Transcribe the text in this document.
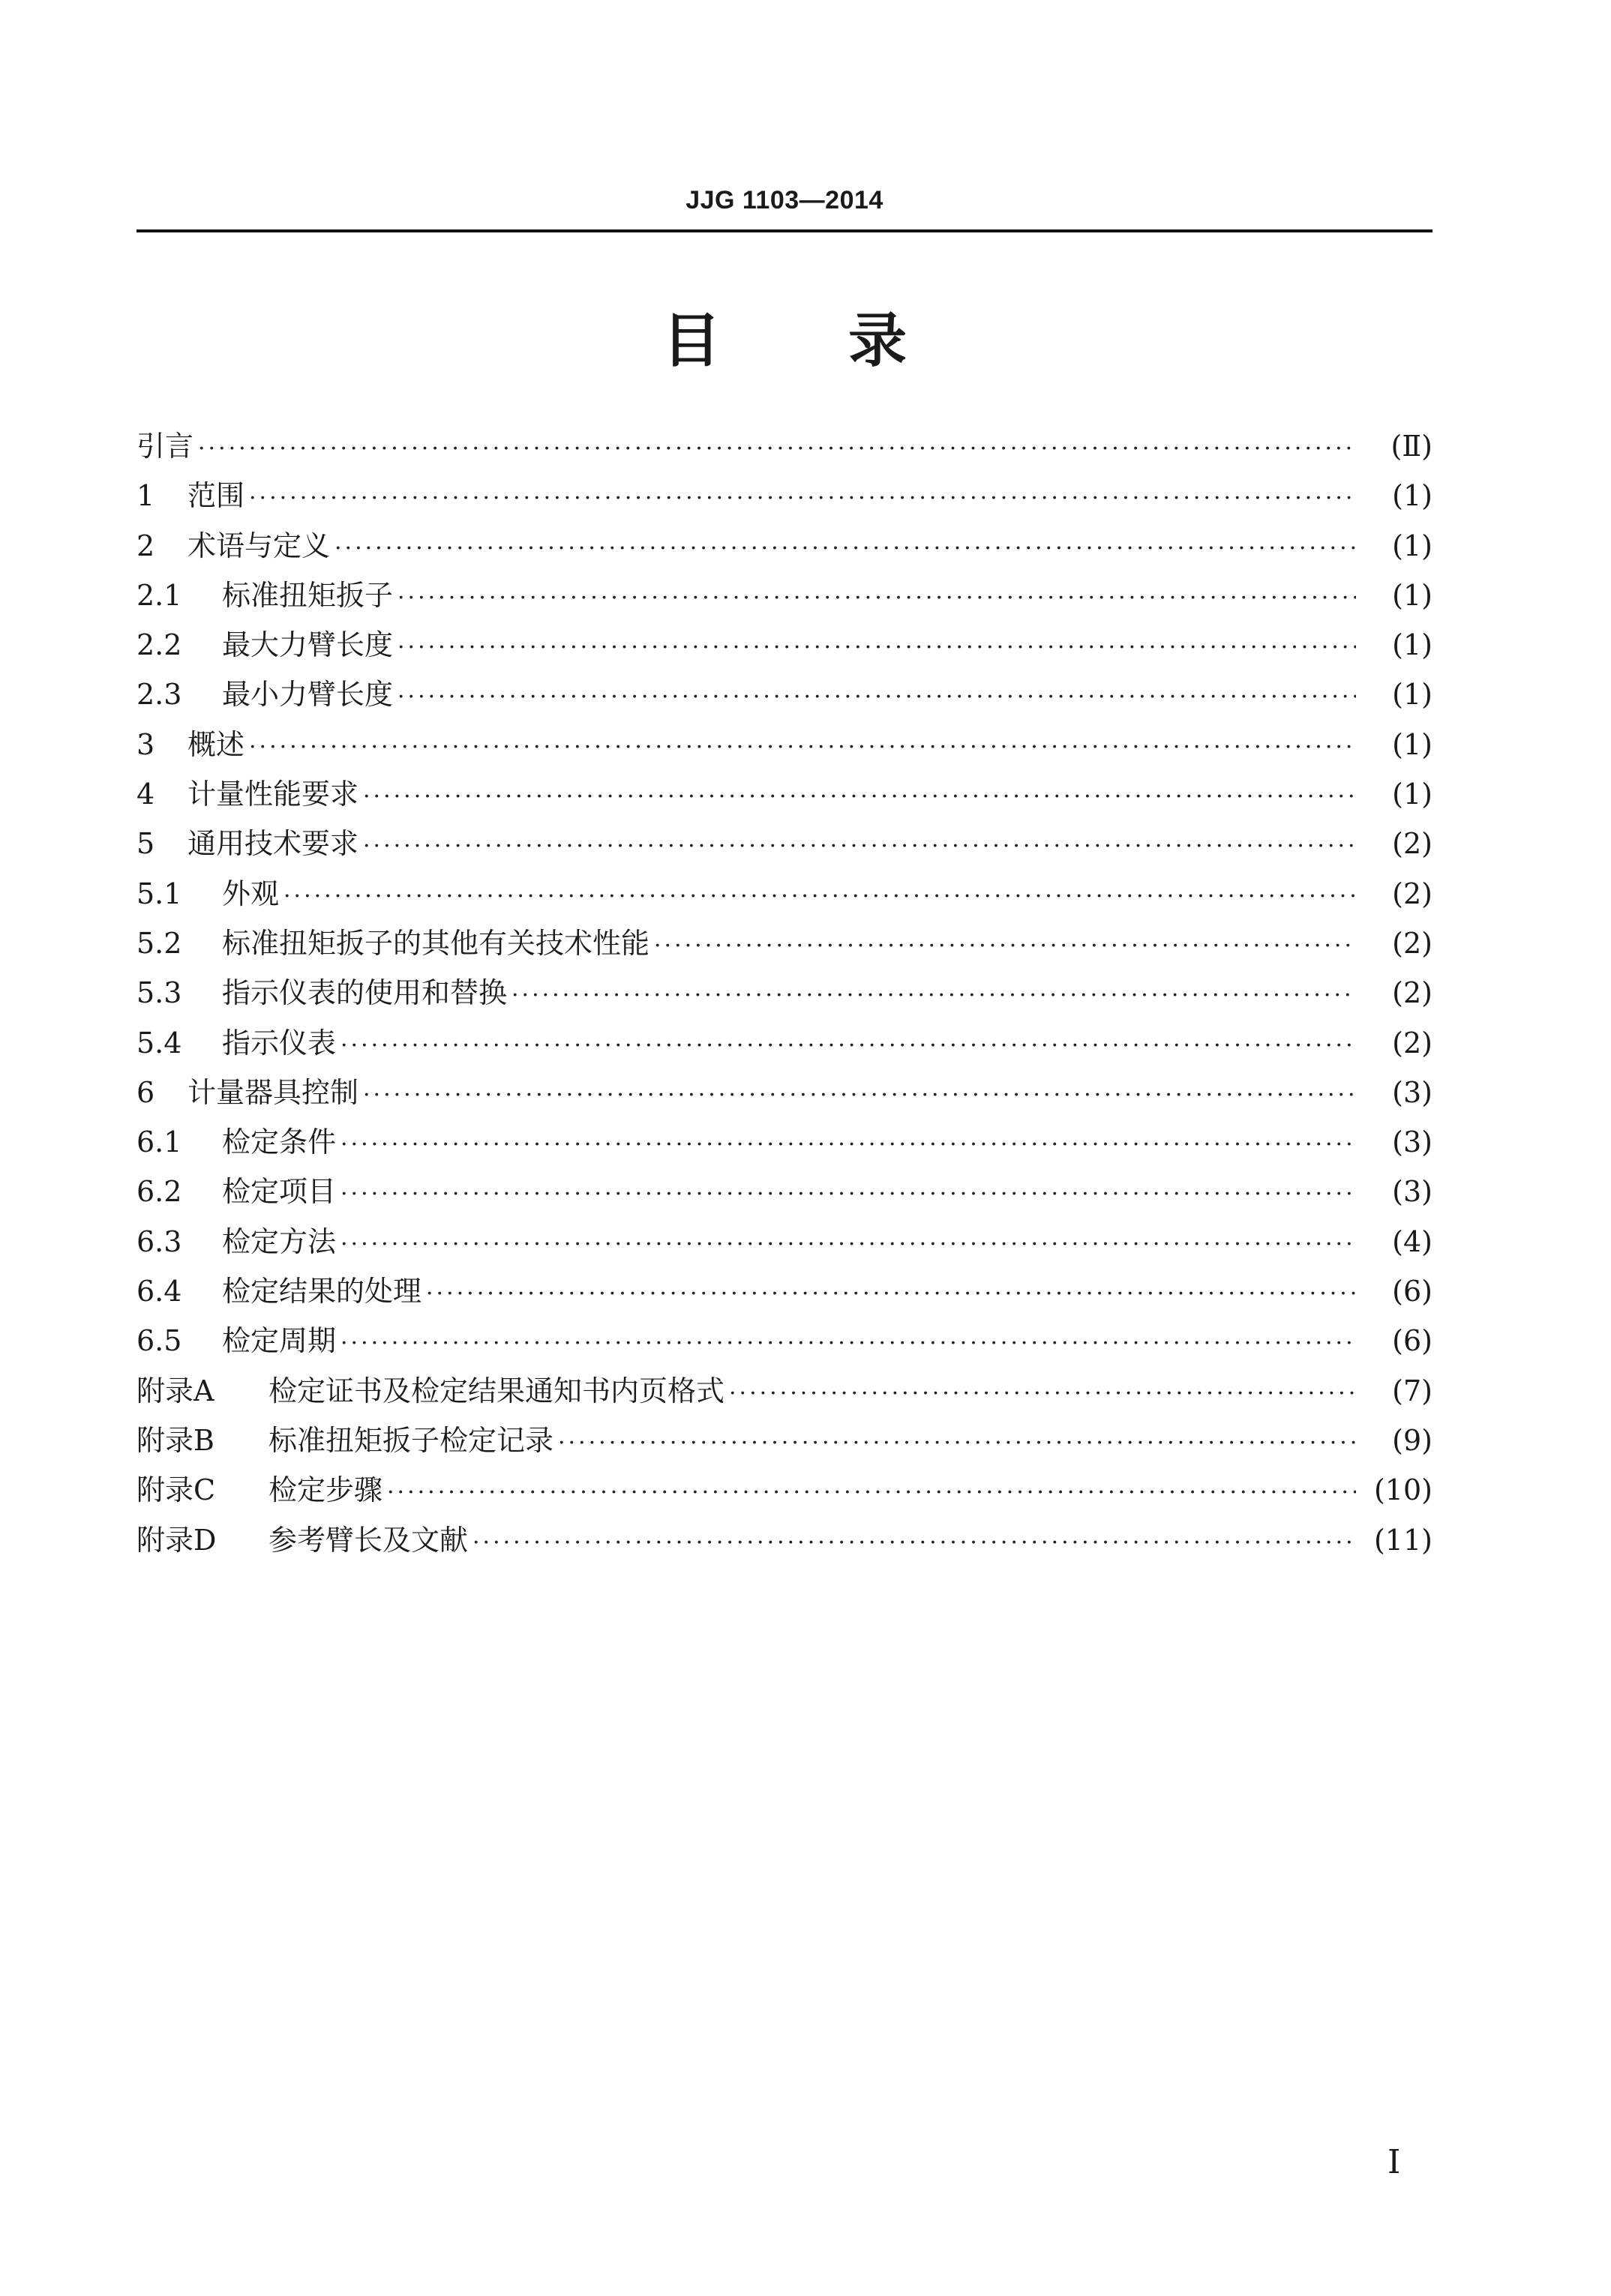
JJG 1103—2014
目 录
引言 ·····	(Ⅱ)
1	范围 ·····	(1)
2	术语与定义 ·····	(1)
2.1	标准扭矩扳子 ·····	(1)
2.2	最大力臂长度 ·····	(1)
2.3	最小力臂长度 ·····	(1)
3	概述 ·····	(1)
4	计量性能要求 ·····	(1)
5	通用技术要求 ·····	(2)
5.1	外观 ·····	(2)
5.2	标准扭矩扳子的其他有关技术性能 ·····	(2)
5.3	指示仪表的使用和替换 ·····	(2)
5.4	指示仪表 ·····	(2)
6	计量器具控制 ·····	(3)
6.1	检定条件 ·····	(3)
6.2	检定项目 ·····	(3)
6.3	检定方法 ·····	(4)
6.4	检定结果的处理 ·····	(6)
6.5	检定周期 ·····	(6)
附录A	检定证书及检定结果通知书内页格式 ·····	(7)
附录B	标准扭矩扳子检定记录 ·····	(9)
附录C	检定步骤 ·····	(10)
附录D	参考臂长及文献 ·····	(11)
I
